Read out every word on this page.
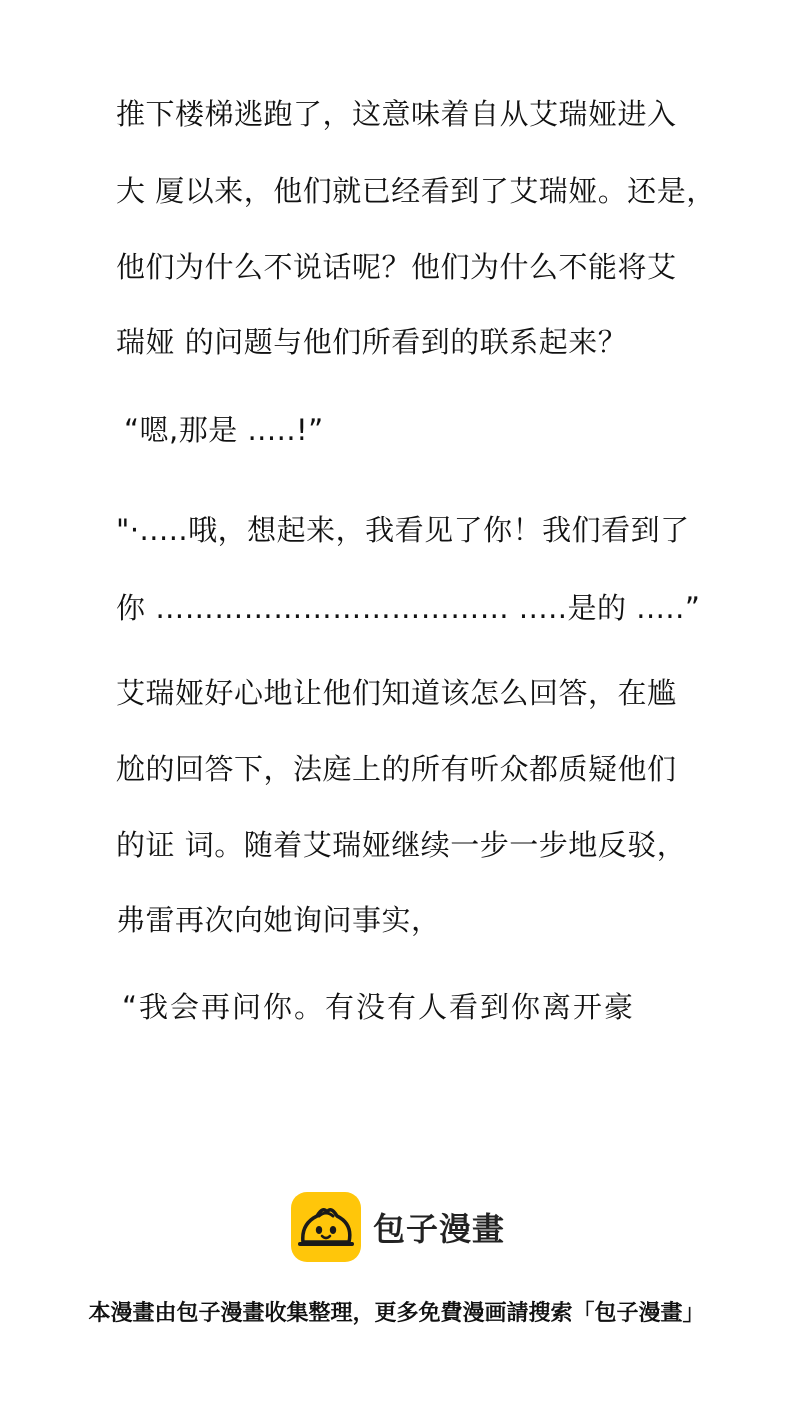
推下楼梯逃跑了，这意味着自从艾瑞娅进入
大 厦以来，他们就已经看到了艾瑞娅。还是，
他们为什么不说话呢？他们为什么不能将艾
瑞娅 的问题与他们所看到的联系起来？
“嗯,那是 .....!”
"·.....哦，想起来，我看见了你！我们看到了
你 ……………………………… .....是的 .....”
艾瑞娅好心地让他们知道该怎么回答，在尴
尬的回答下，法庭上的所有听众都质疑他们
的证 词。随着艾瑞娅继续一步一步地反驳，
弗雷再次向她询问事实，
“我会再问你。有没有人看到你离开豪
包子漫畫
本漫畫由包子漫畫收集整理，更多免費漫画請搜索「包子漫畫」
